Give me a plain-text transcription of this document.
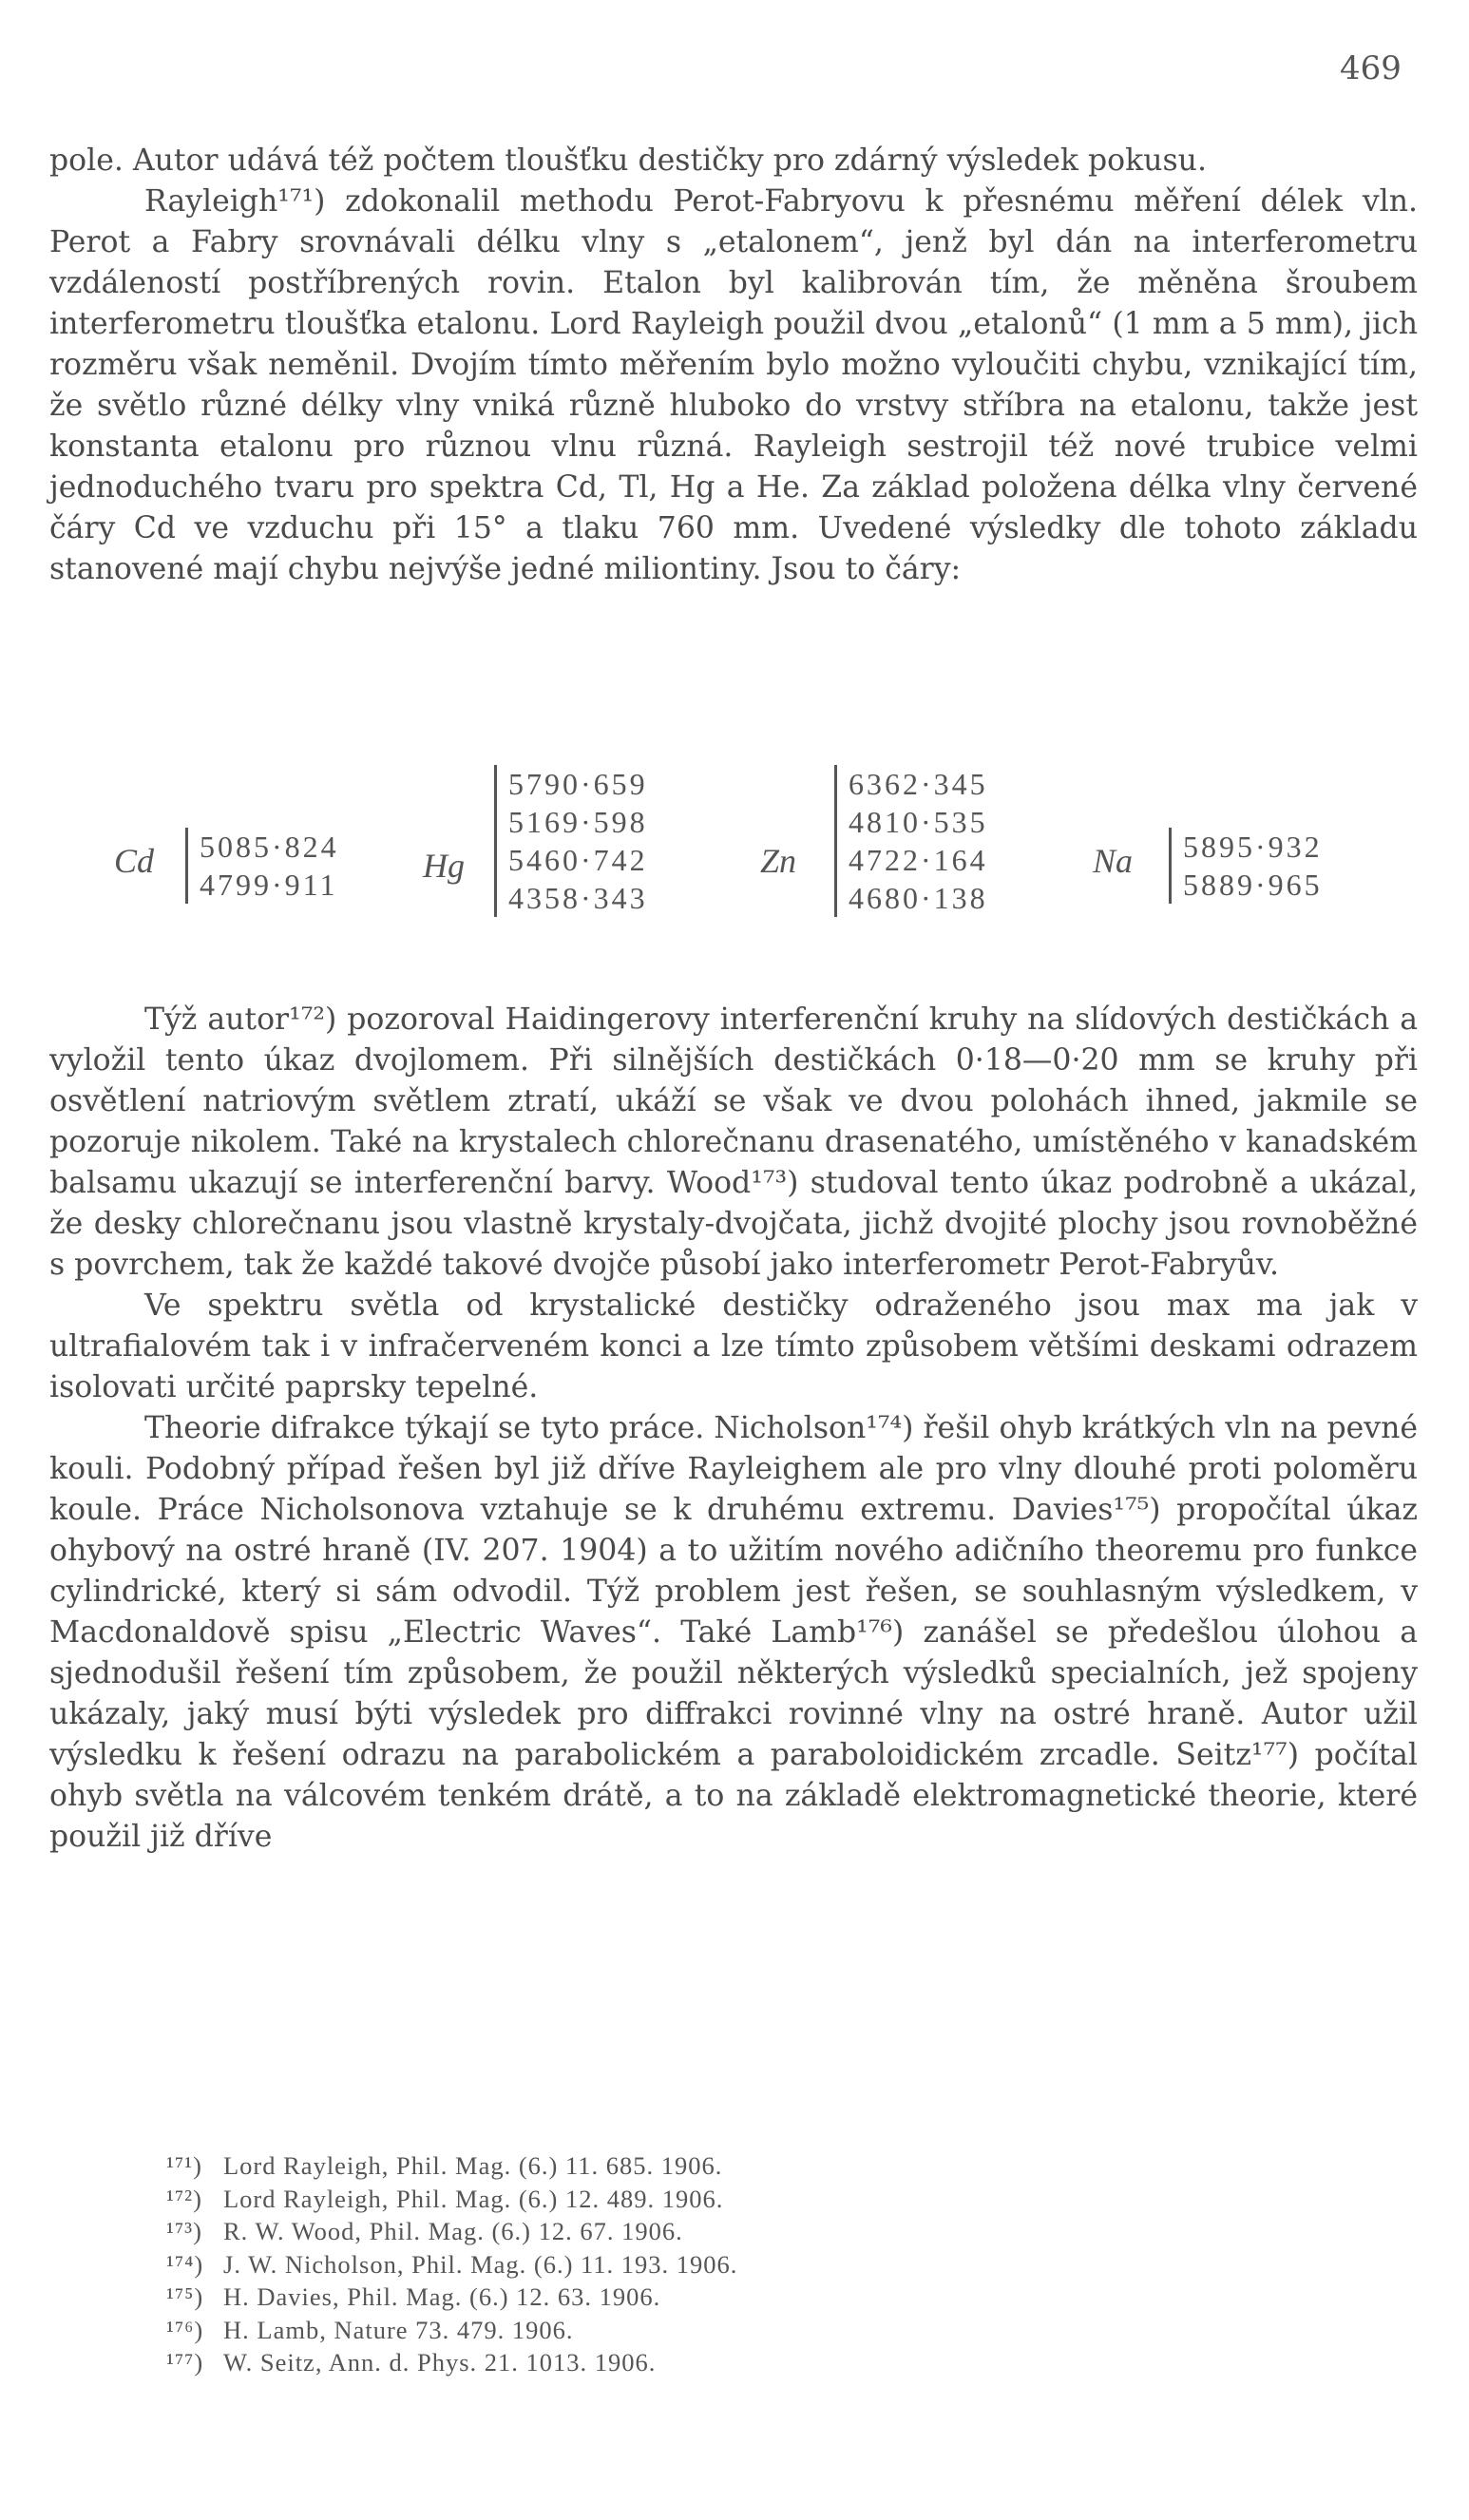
469

pole. Autor udává též počtem tloušťku destičky pro zdárný výsledek pokusu.

Rayleigh¹⁷¹) zdokonalil methodu Perot-Fabryovu k přesnému měření délek vln. Perot a Fabry srovnávali délku vlny s „etalonem“, jenž byl dán na interferometru vzdáleností postříbrených rovin. Etalon byl kalibrován tím, že měněna šroubem interferometru tloušťka etalonu. Lord Rayleigh použil dvou „etalonů“ (1 mm a 5 mm), jich rozměru však neměnil. Dvojím tímto měřením bylo možno vyloučiti chybu, vznikající tím, že světlo různé délky vlny vniká různě hluboko do vrstvy stříbra na etalonu, takže jest konstanta etalonu pro různou vlnu různá. Rayleigh sestrojil též nové trubice velmi jednoduchého tvaru pro spektra Cd, Tl, Hg a He. Za základ položena délka vlny červené čáry Cd ve vzduchu při 15° a tlaku 760 mm. Uvedené výsledky dle tohoto základu stanovené mají chybu nejvýše jedné miliontiny. Jsou to čáry:

Cd 5085·824
4799·911 Hg
5790·659
5169·598
5460·742
4358·343
Zn
6362·345
4810·535
4722·164
4680·138
Na 5895·932
5889·965

Týž autor¹⁷²) pozoroval Haidingerovy interferenční kruhy na slídových destičkách a vyložil tento úkaz dvojlomem. Při silnějších destičkách 0·18—0·20 mm se kruhy při osvětlení natriovým světlem ztratí, ukáží se však ve dvou polohách ihned, jakmile se pozoruje nikolem. Také na krystalech chlorečnanu drasenatého, umístěného v kanadském balsamu ukazují se interferenční barvy. Wood¹⁷³) studoval tento úkaz podrobně a ukázal, že desky chlorečnanu jsou vlastně krystaly-dvojčata, jichž dvojité plochy jsou rovnoběžné s povrchem, tak že každé takové dvojče působí jako interferometr Perot-Fabryův.

Ve spektru světla od krystalické destičky odraženého jsou max ma jak v ultrafialovém tak i v infračerveném konci a lze tímto způsobem většími deskami odrazem isolovati určité paprsky tepelné.

Theorie difrakce týkají se tyto práce. Nicholson¹⁷⁴) řešil ohyb krátkých vln na pevné kouli. Podobný případ řešen byl již dříve Rayleighem ale pro vlny dlouhé proti poloměru koule. Práce Nicholsonova vztahuje se k druhému extremu. Davies¹⁷⁵) propočítal úkaz ohybový na ostré hraně (IV. 207. 1904) a to užitím nového adičního theoremu pro funkce cylindrické, který si sám odvodil. Týž problem jest řešen, se souhlasným výsledkem, v Macdonaldově spisu „Electric Waves“. Také Lamb¹⁷⁶) zanášel se předešlou úlohou a sjednodušil řešení tím způsobem, že použil některých výsledků specialních, jež spojeny ukázaly, jaký musí býti výsledek pro diffrakci rovinné vlny na ostré hraně. Autor užil výsledku k řešení odrazu na parabolickém a paraboloidickém zrcadle. Seitz¹⁷⁷) počítal ohyb světla na válcovém tenkém drátě, a to na základě elektromagnetické theorie, které použil již dříve

¹⁷¹) Lord Rayleigh, Phil. Mag. (6.) 11. 685. 1906.
¹⁷²) Lord Rayleigh, Phil. Mag. (6.) 12. 489. 1906.
¹⁷³) R. W. Wood, Phil. Mag. (6.) 12. 67. 1906.
¹⁷⁴) J. W. Nicholson, Phil. Mag. (6.) 11. 193. 1906.
¹⁷⁵) H. Davies, Phil. Mag. (6.) 12. 63. 1906.
¹⁷⁶) H. Lamb, Nature 73. 479. 1906.
¹⁷⁷) W. Seitz, Ann. d. Phys. 21. 1013. 1906.
